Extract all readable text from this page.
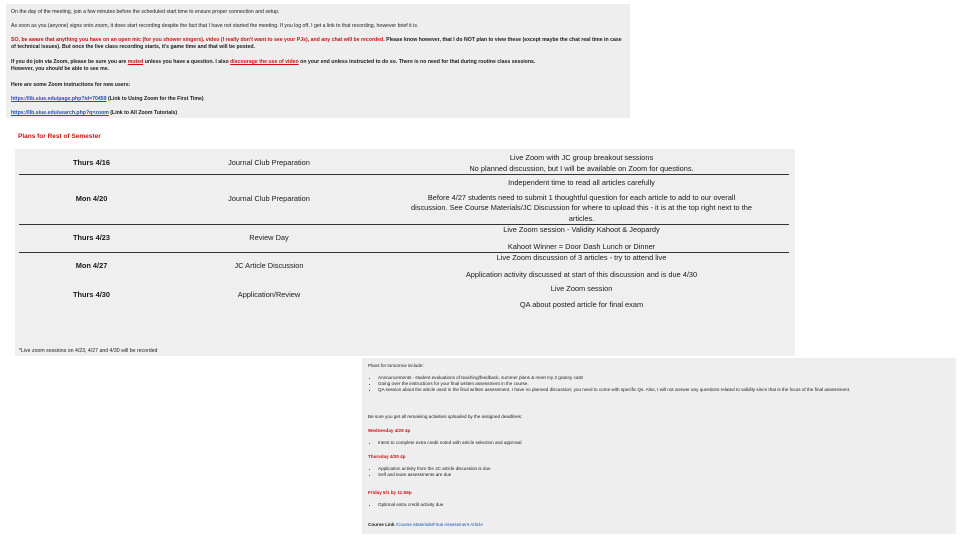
On the day of the meeting, join a few minutes before the scheduled start time to ensure proper connection and setup.

As soon as you (anyone) signs onto zoom, it does start recording despite the fact that I have not started the meeting. If you log off, I get a link to that recording, however brief it is.

SO, be aware that anything you have on an open mic (for you shower singers), video (I really don't want to see your PJs), and any chat will be recorded. Please know however, that I do NOT plan to view these (except maybe the chat real time in case of technical issues). But once the live class recording starts, it's game time and that will be posted.

If you do join via Zoom, please be sure you are muted unless you have a question. I also discourage the use of video on your end unless instructed to do so. There is no need for that during routine class sessions.
However, you should be able to see me.

Here are some Zoom instructions for new users:

https://lib.siue.edu/page.php?id=70459 (Link to Using Zoom for the First Time)

https://lib.siue.edu/search.php?q=zoom (Link to All Zoom Tutorials)

Plans for Rest of Semester
Thurs 4/16	Journal Club Preparation	Live Zoom with JC group breakout sessions
No planned discussion, but I will be available on Zoom for questions.

Mon 4/20	Journal Club Preparation	Independent time to read all articles carefully
Before 4/27 students need to submit 1 thoughtful question for each article to add to our overall
discussion. See Course Materials/JC Discussion for where to upload this - it is at the top right next to the
articles.

Thurs 4/23	Review Day	Live Zoom session - Validity Kahoot & Jeopardy
Kahoot Winner = Door Dash Lunch or Dinner

Mon 4/27	JC Article Discussion	Live Zoom discussion of 3 articles - try to attend live
Application activity discussed at start of this discussion and is due 4/30

Thurs 4/30	Application/Review	Live Zoom session
QA about posted article for final exam
*Live zoom sessions on 4/23, 4/27 and 4/30 will be recorded

Plans for tomorrow include:

• Announcements - student evaluations of teaching/feedback, summer plans & meet my 2 granny cats!
• Going over the instructions for your final written assessment in the course.
• QA session about the article used in the final written assessment. I have no planned discussion; you need to come with specific Qs. Also, I will not answer any questions related to validity since that is the focus of the final assessment.

Be sure you get all remaining activities uploaded by the assigned deadlines:

Wednesday 4/29 4p

• Intent to complete extra credit noted with article selection and approval

Thursday 4/30 4p

• Application activity from the JC article discussion is due
• Self and team assessments are due

Friday 5/1 by 11:59p

• Optional extra credit activity due

Course Link /Course Materials/Final Assessment Article
